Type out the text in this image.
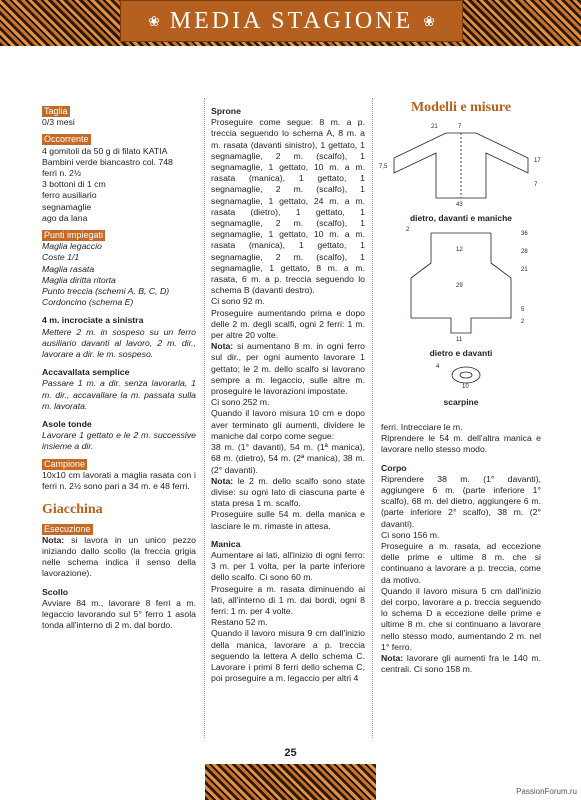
❀ MEDIA STAGIONE ❀
Taglia

0/3 mesi

Occorrente
4 gomitoli da 50 g di filato KATIA
Bambini verde biancastro col. 748
ferri n. 2½
3 bottoni di 1 cm
ferro ausiliario
segnamaglie
ago da lana
Punti impiegati
Maglia legaccio
Coste 1/1
Maglia rasata
Maglia diritta ritorta
Punto treccia (schemi A, B, C, D)
Cordoncino (schema E)
4 m. incrociate a sinistra

Mettere 2 m. in sospeso su un ferro ausiliario davanti al lavoro, 2 m. dir., lavorare a dir. le m. sospeso.

Accavallata semplice

Passare 1 m. a dir. senza lavorarla, 1 m. dir., accavallare la m. passata sulla m. lavorata.

Asole tonde

Lavorare 1 gettato e le 2 m. successive insieme a dir.

Campione

10x10 cm lavorati a maglia rasata con i ferri n. 2½ sono pari a 34 m. e 48 ferri.

Giacchina
Esecuzione

Nota: si lavora in un unico pezzo iniziando dallo scollo (la freccia grigia nelle schema indica il senso della lavorazione).

Scollo

Avviare 84 m., lavorare 8 ferri a m. legaccio lavorando sul 5° ferro 1 asola tonda all'interno di 2 m. dal bordo.

Sprone

Proseguire come segue: 8 m. a p. treccia seguendo lo schema A, 8 m. a m. rasata (davanti sinistro), 1 gettato, 1 segnamaglie, 2 m. (scalfo), 1 segnamaglie, 1 gettato, 10 m. a m. rasata (manica), 1 gettato, 1 segnamaglie, 2 m. (scalfo), 1 segnamaglie, 1 gettato, 24 m. a m. rasata (dietro), 1 gettato, 1 segnamaglie, 2 m. (scalfo), 1 segnamaglie, 1 gettato, 10 m. a m. rasata (manica), 1 gettato, 1 segnamaglie, 2 m. (scalfo), 1 segnamaglie, 1 gettato, 8 m. a m. rasata, 6 m. a p. treccia seguendo lo schema B (davanti destro).

Ci sono 92 m.

Proseguire aumentando prima e dopo delle 2 m. degli scalfi, ogni 2 ferri: 1 m. per altre 20 volte.

Nota: si aumentano 8 m. in ogni ferro sul dir., per ogni aumento lavorare 1 gettato; le 2 m. dello scalfo si lavorano sempre a m. legaccio, sulle altre m. proseguire le lavorazioni impostate.

Ci sono 252 m.

Quando il lavoro misura 10 cm e dopo aver terminato gli aumenti, dividere le maniche dal corpo come segue:

38 m. (1° davanti), 54 m. (1ª manica), 68 m. (dietro), 54 m. (2ª manica), 38 m. (2° davanti).

Nota: le 2 m. dello scalfo sono state divise: su ogni lato di ciascuna parte è stata presa 1 m. scalfo.

Proseguire sulle 54 m. della manica e lasciare le m. rimaste in attesa.

Manica

Aumentare ai lati, all'inizio di ogni ferro: 3 m. per 1 volta, per la parte inferiore dello scalfo. Ci sono 60 m.

Proseguire a m. rasata diminuendo ai lati, all'interno di 1 m. dai bordi, ogni 8 ferri: 1 m. per 4 volte.

Restano 52 m.

Quando il lavoro misura 9 cm dall'inizio della manica, lavorare a p. treccia seguendo la lettera A dello schema C. Lavorare i primi 8 ferri dello schema C, poi proseguire a m. legaccio per altri 4

Modelli e misure
21	7
7,5
17
7
43
dietro, davanti e maniche
2
12
36
28
21
29
5
2
11
dietro e davanti
4
10
scarpine

ferri. Intrecciare le m.

Riprendere le 54 m. dell'altra manica e lavorare nello stesso modo.

Corpo

Riprendere 38 m. (1° davanti), aggiungere 6 m. (parte inferiore 1° scalfo), 68 m. del dietro, aggiungere 6 m. (parte inferiore 2° scalfo), 38 m. (2° davanti).

Ci sono 156 m.

Proseguire a m. rasata, ad eccezione delle prime e ultime 8 m. che si continuano a lavorare a p. treccia, come da motivo.

Quando il lavoro misura 5 cm dall'inizio del corpo, lavorare a p. treccia seguendo lo schema D a eccezione delle prime e ultime 8 m. che si continuano a lavorare nello stesso modo, aumentando 2 m. nel 1° ferro.

Nota: lavorare gli aumenti fra le 140 m. centrali. Ci sono 158 m.

25
PassionForum.ru
